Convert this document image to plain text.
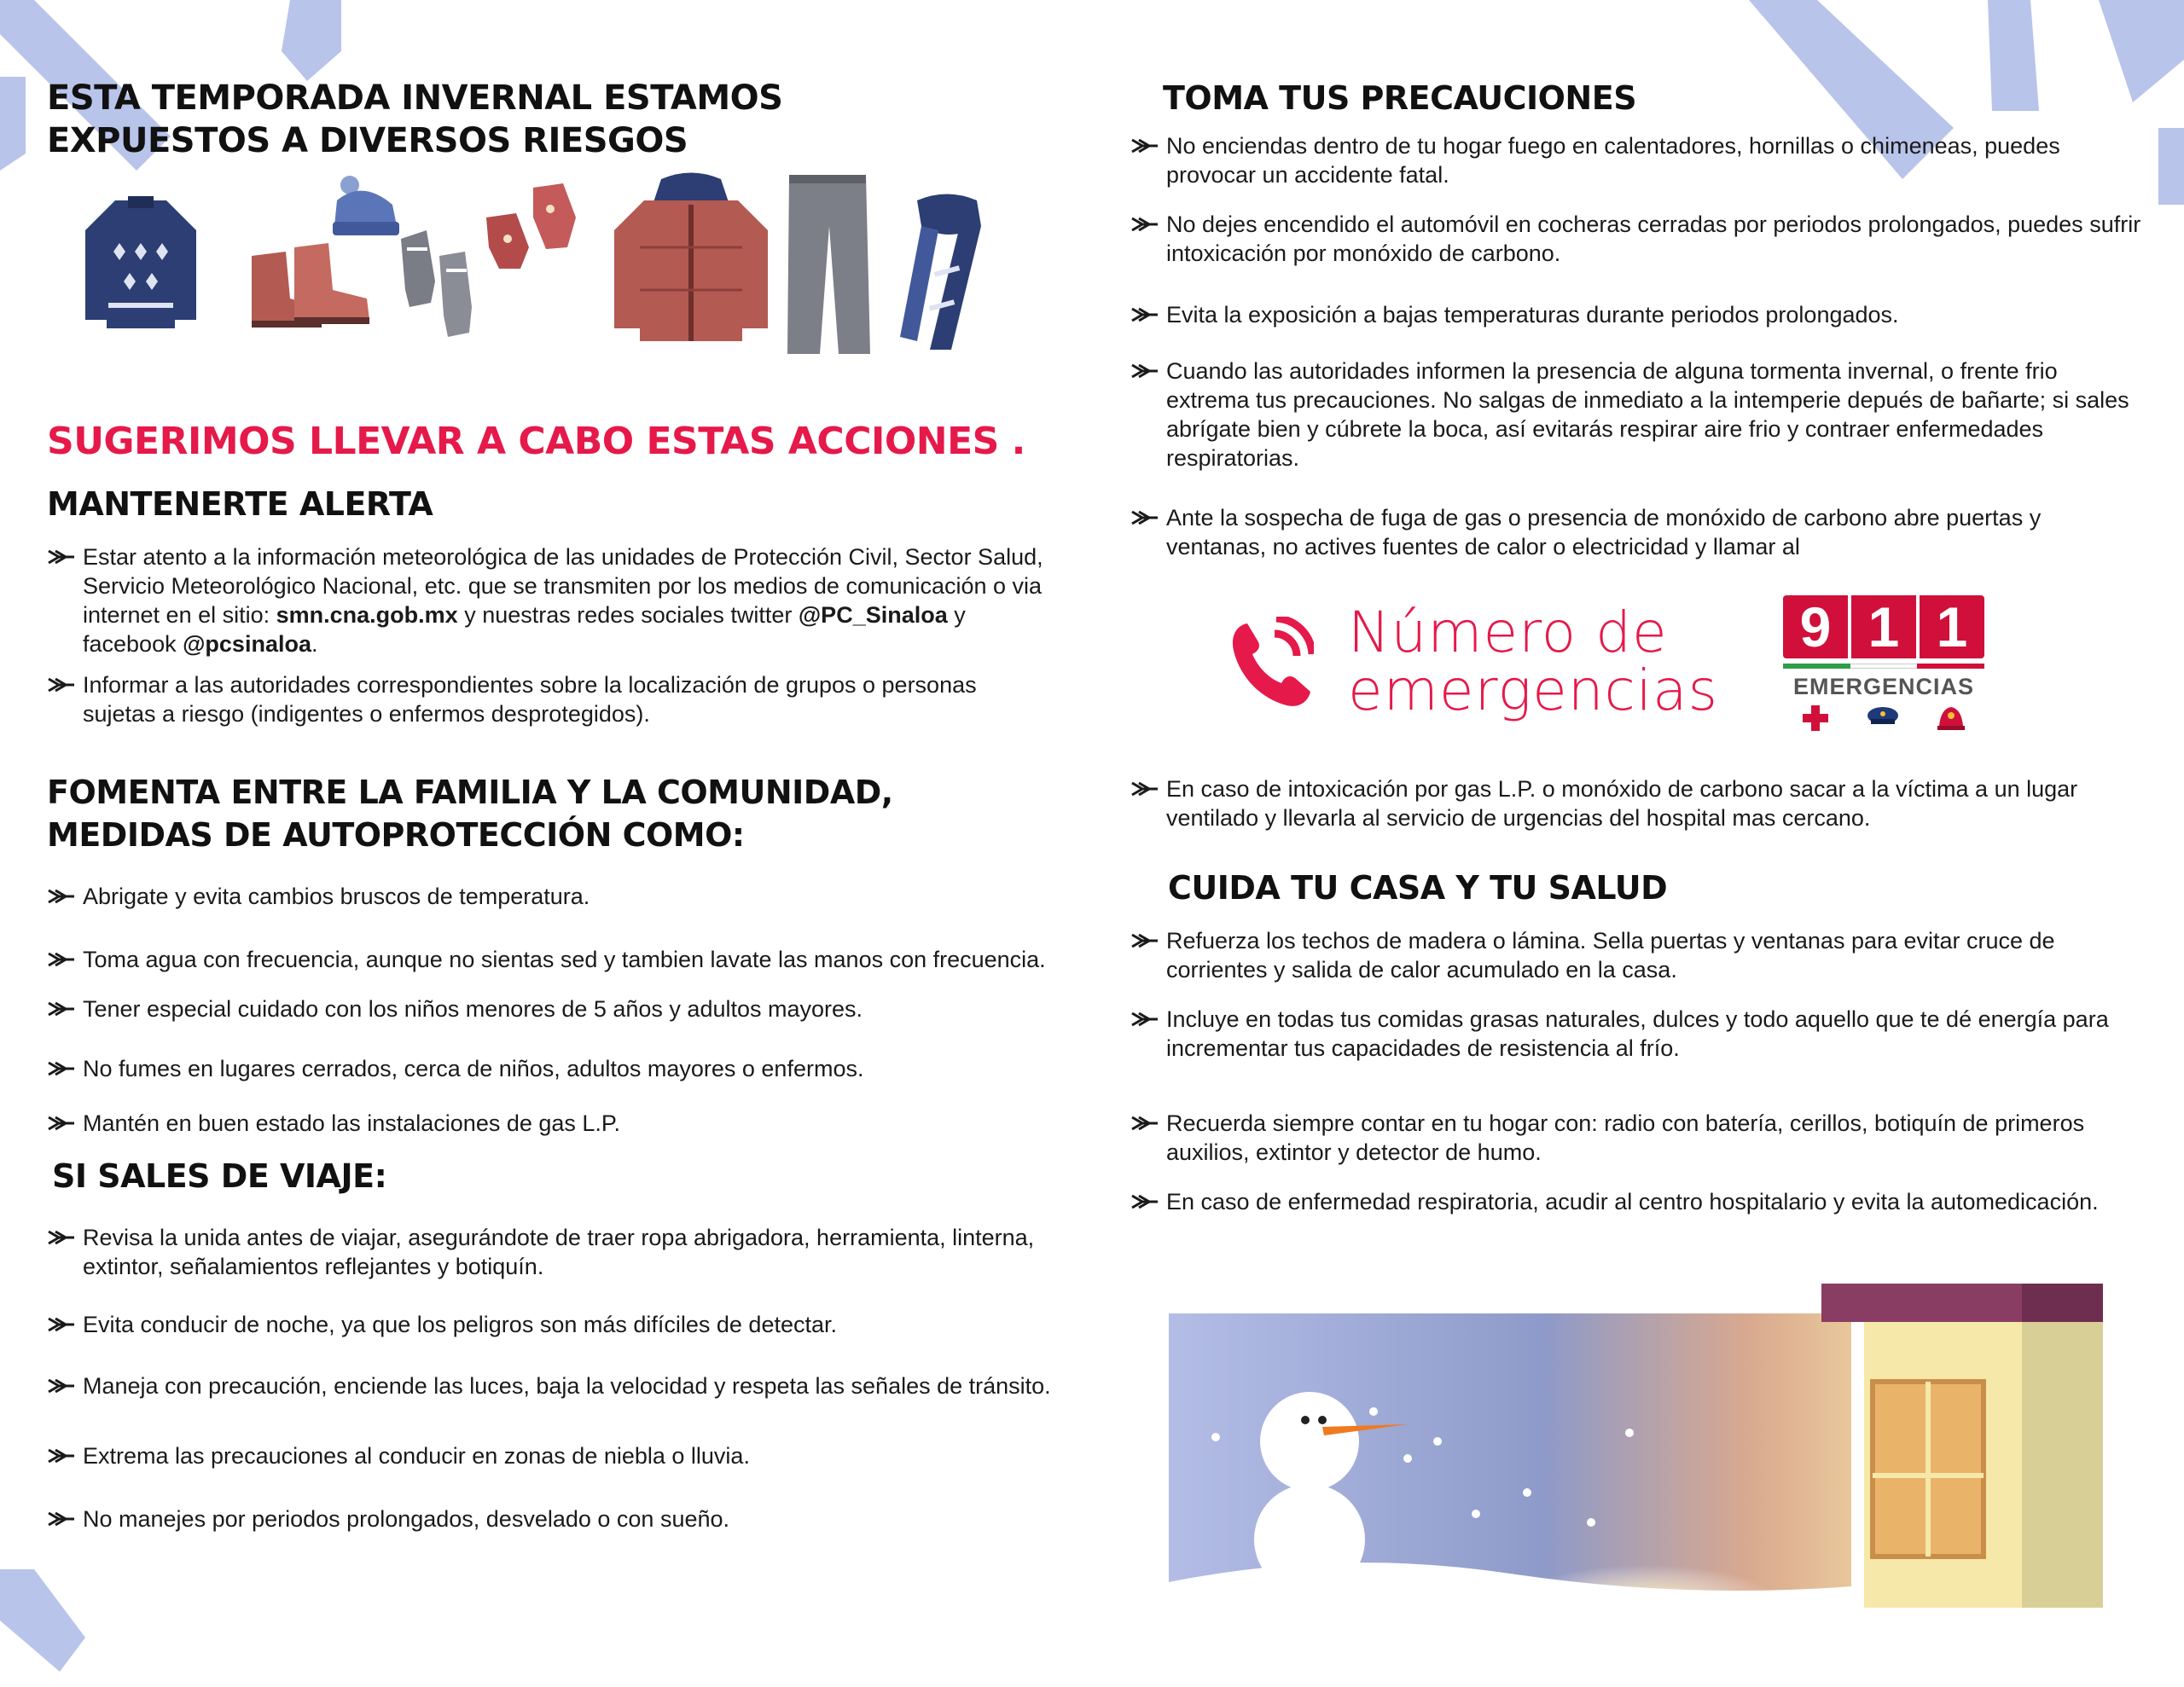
ESTA TEMPORADA INVERNAL ESTAMOS EXPUESTOS A DIVERSOS RIESGOS

SUGERIMOS LLEVAR A CABO ESTAS ACCIONES .

MANTENERTE ALERTA
Estar atento a la información meteorológica de las unidades de Protección Civil, Sector Salud, Servicio Meteorológico Nacional, etc. que se transmiten por los medios de comunicación o via internet en el sitio: smn.cna.gob.mx y nuestras redes sociales twitter @PC_Sinaloa y facebook @pcsinaloa.
Informar a las autoridades correspondientes sobre la localización de grupos o personas sujetas a riesgo (indigentes o enfermos desprotegidos).
FOMENTA ENTRE LA FAMILIA Y LA COMUNIDAD, MEDIDAS DE AUTOPROTECCIÓN COMO:
Abrigate y evita cambios bruscos de temperatura.
Toma agua con frecuencia, aunque no sientas sed y tambien lavate las manos con frecuencia.
Tener especial cuidado con los niños menores de 5 años y adultos mayores.
No fumes en lugares cerrados, cerca de niños, adultos mayores o enfermos.
Mantén en buen estado las instalaciones de gas L.P.
SI SALES DE VIAJE:
Revisa la unida antes de viajar, asegurándote de traer ropa abrigadora, herramienta, linterna, extintor, señalamientos reflejantes y botiquín.
Evita conducir de noche, ya que los peligros son más difíciles de detectar.
Maneja con precaución, enciende las luces, baja la velocidad y respeta las señales de tránsito.
Extrema las precauciones al conducir en zonas de niebla o lluvia.
No manejes por periodos prolongados, desvelado o con sueño.
TOMA TUS PRECAUCIONES
No enciendas dentro de tu hogar fuego en calentadores, hornillas o chimeneas, puedes provocar un accidente fatal.
No dejes encendido el automóvil en cocheras cerradas por periodos prolongados, puedes sufrir intoxicación por monóxido de carbono.
Evita la exposición a bajas temperaturas durante periodos prolongados.
Cuando las autoridades informen la presencia de alguna tormenta invernal, o frente frio extrema tus precauciones. No salgas de inmediato a la intemperie depués de bañarte; si sales abrígate bien y cúbrete la boca, así evitarás respirar aire frio y contraer enfermedades respiratorias.
Ante la sospecha de fuga de gas o presencia de monóxido de carbono abre puertas y ventanas, no actives fuentes de calor o electricidad y llamar al
Número de
emergencias
9 1 1
EMERGENCIAS
En caso de intoxicación por gas L.P. o monóxido de carbono sacar a la víctima a un lugar ventilado y llevarla al servicio de urgencias del hospital mas cercano.
CUIDA TU CASA Y TU SALUD
Refuerza los techos de madera o lámina. Sella puertas y ventanas para evitar cruce de corrientes y salida de calor acumulado en la casa.
Incluye en todas tus comidas grasas naturales, dulces y todo aquello que te dé energía para incrementar tus capacidades de resistencia al frío.
Recuerda siempre contar en tu hogar con: radio con batería, cerillos, botiquín de primeros auxilios, extintor y detector de humo.
En caso de enfermedad respiratoria, acudir al centro hospitalario y evita la automedicación.
